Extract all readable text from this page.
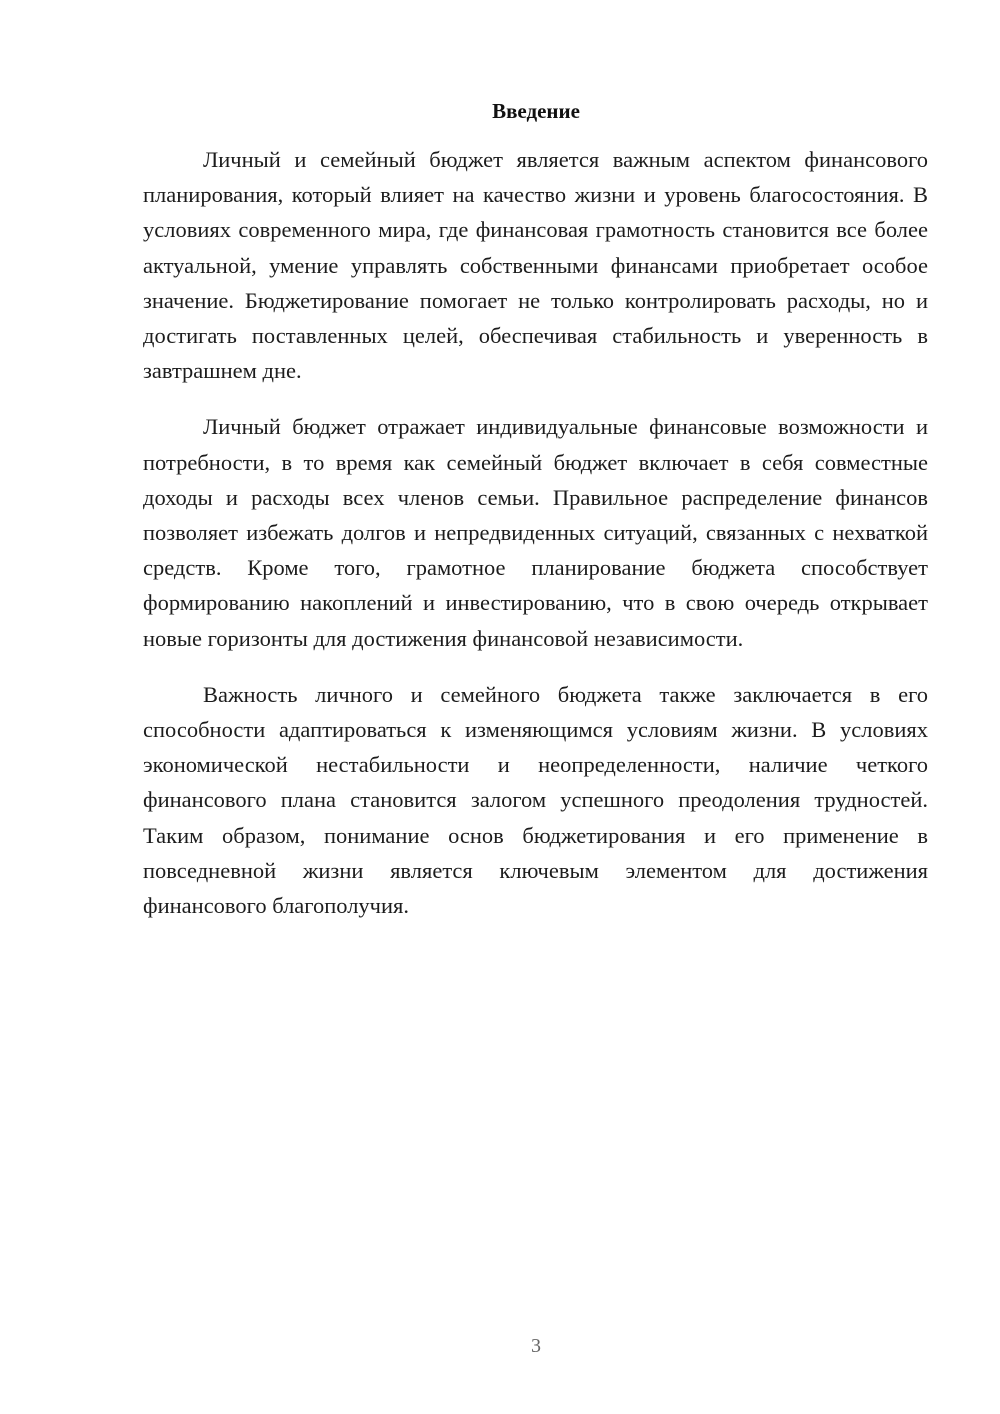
Введение

Личный и семейный бюджет является важным аспектом финансового планирования, который влияет на качество жизни и уровень благосостояния. В условиях современного мира, где финансовая грамотность становится все более актуальной, умение управлять собственными финансами приобретает особое значение. Бюджетирование помогает не только контролировать расходы, но и достигать поставленных целей, обеспечивая стабильность и уверенность в завтрашнем дне.

Личный бюджет отражает индивидуальные финансовые возможности и потребности, в то время как семейный бюджет включает в себя совместные доходы и расходы всех членов семьи. Правильное распределение финансов позволяет избежать долгов и непредвиденных ситуаций, связанных с нехваткой средств. Кроме того, грамотное планирование бюджета способствует формированию накоплений и инвестированию, что в свою очередь открывает новые горизонты для достижения финансовой независимости.

Важность личного и семейного бюджета также заключается в его способности адаптироваться к изменяющимся условиям жизни. В условиях экономической нестабильности и неопределенности, наличие четкого финансового плана становится залогом успешного преодоления трудностей. Таким образом, понимание основ бюджетирования и его применение в повседневной жизни является ключевым элементом для достижения финансового благополучия.

3
